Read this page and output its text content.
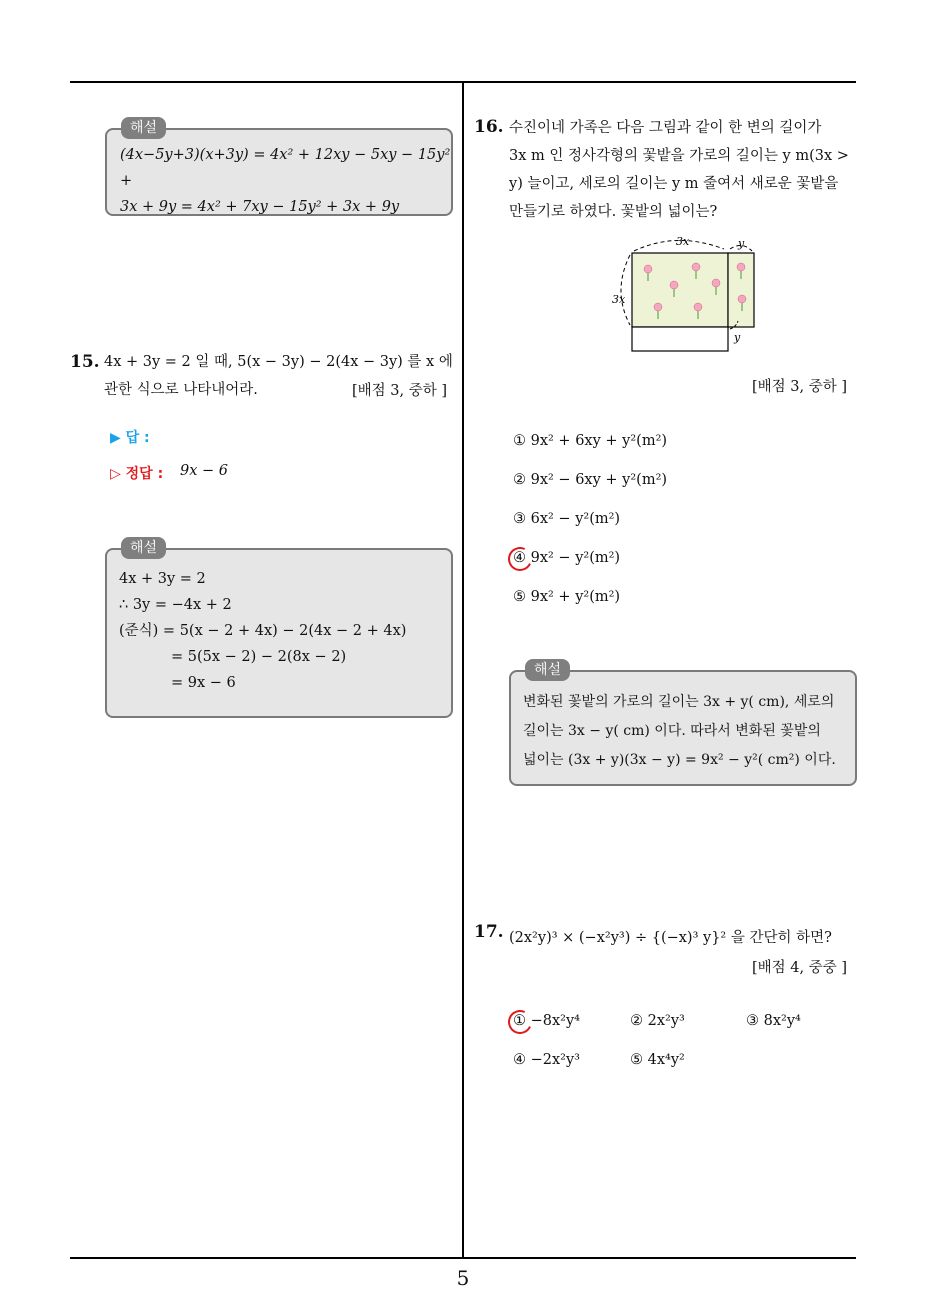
해설
(4x−5y+3)(x+3y) = 4x² + 12xy − 5xy − 15y² +
3x + 9y = 4x² + 7xy − 15y² + 3x + 9y
15. 4x + 3y = 2 일 때, 5(x − 3y) − 2(4x − 3y) 를 x 에
관한 식으로 나타내어라.	[배점 3, 중하 ]
▶ 답 :
▷ 정답 : 9x − 6
해설
4x + 3y = 2
∴ 3y = −4x + 2
(준식) = 5(x − 2 + 4x) − 2(4x − 2 + 4x)
= 5(5x − 2) − 2(8x − 2)
= 9x − 6
16. 수진이네 가족은 다음 그림과 같이 한 변의 길이가
3x m 인 정사각형의 꽃밭을 가로의 길이는 y m(3x >
y) 늘이고, 세로의 길이는 y m 줄여서 새로운 꽃밭을
만들기로 하였다. 꽃밭의 넓이는?
3x	y
3x
y
[배점 3, 중하 ]
① 9x² + 6xy + y²(m²)
② 9x² − 6xy + y²(m²)
③ 6x² − y²(m²)
④ 9x² − y²(m²)
⑤ 9x² + y²(m²)
해설
변화된 꽃밭의 가로의 길이는 3x + y( cm), 세로의
길이는 3x − y( cm) 이다. 따라서 변화된 꽃밭의
넓이는 (3x + y)(3x − y) = 9x² − y²( cm²) 이다.
17. (2x²y)³ × (−x²y³) ÷ {(−x)³ y}² 을 간단히 하면?
[배점 4, 중중 ]
① −8x²y⁴	② 2x²y³	③ 8x²y⁴
④ −2x²y³	⑤ 4x⁴y²
5
